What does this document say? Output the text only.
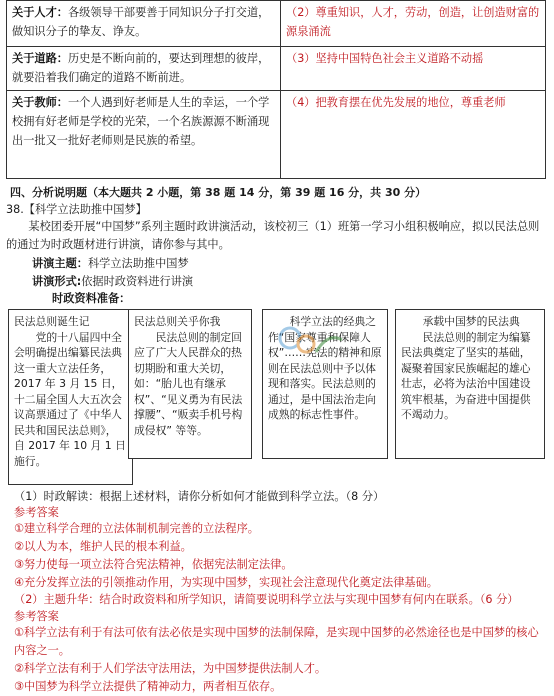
关于人才：各级领导干部要善于同知识分子打交道，做知识分子的挚友、诤友。	（2）尊重知识，人才，劳动，创造，让创造财富的源泉涌流
关于道路：历史是不断向前的，要达到理想的彼岸，就要沿着我们确定的道路不断前进。	（3）坚持中国特色社会主义道路不动摇
关于教师：一个人遇到好老师是人生的幸运，一个学校拥有好老师是学校的光荣，一个名族源源不断涌现出一批又一批好老师则是民族的希望。	（4）把教育摆在优先发展的地位，尊重老师
四、分析说明题（本大题共 2 小题，第 38 题 14 分，第 39 题 16 分，共 30 分）
38.【科学立法助推中国梦】
某校团委开展“中国梦”系列主题时政讲演活动，该校初三（1）班第一学习小组积极响应，拟以民法总则的通过为时政题材进行讲演，请你参与其中。
讲演主题：科学立法助推中国梦
讲演形式:依据时政资料进行讲演
时政资料准备：
民法总则诞生记
党的十八届四中全会明确提出编纂民法典这一重大立法任务，2017 年 3 月 15 日，十二届全国人大五次会议高票通过了《中华人民共和国民法总则》，自 2017 年 10 月 1 日施行。
民法总则关乎你我
民法总则的制定回应了广大人民群众的热切期盼和重大关切，如：“胎儿也有继承权”、“见义勇为有民法撑腰”、“贩卖手机号构成侵权” 等等。
科学立法的经典之作“国家尊重和保障人权”……宪法的精神和原则在民法总则中予以体现和落实。民法总则的通过，是中国法治走向成熟的标志性事件。
承载中国梦的民法典
民法总则的制定为编纂民法典奠定了坚实的基础，凝聚着国家民族崛起的雄心壮志，必将为法治中国建设筑牢根基，为奋进中国提供不竭动力。
（1）时政解读：根据上述材料，请你分析如何才能做到科学立法。（8 分）
参考答案
①建立科学合理的立法体制机制完善的立法程序。
②以人为本，维护人民的根本利益。
③努力使每一项立法符合宪法精神，依据宪法制定法律。
④充分发挥立法的引领推动作用，为实现中国梦，实现社会注意现代化奠定法律基础。
（2）主题升华：结合时政资料和所学知识，请简要说明科学立法与实现中国梦有何内在联系。（6 分）
参考答案
①科学立法有利于有法可依有法必依是实现中国梦的法制保障，是实现中国梦的必然途径也是中国梦的核心内容之一。
②科学立法有利于人们学法守法用法，为中国梦提供法制人才。
③中国梦为科学立法提供了精神动力，两者相互依存。
